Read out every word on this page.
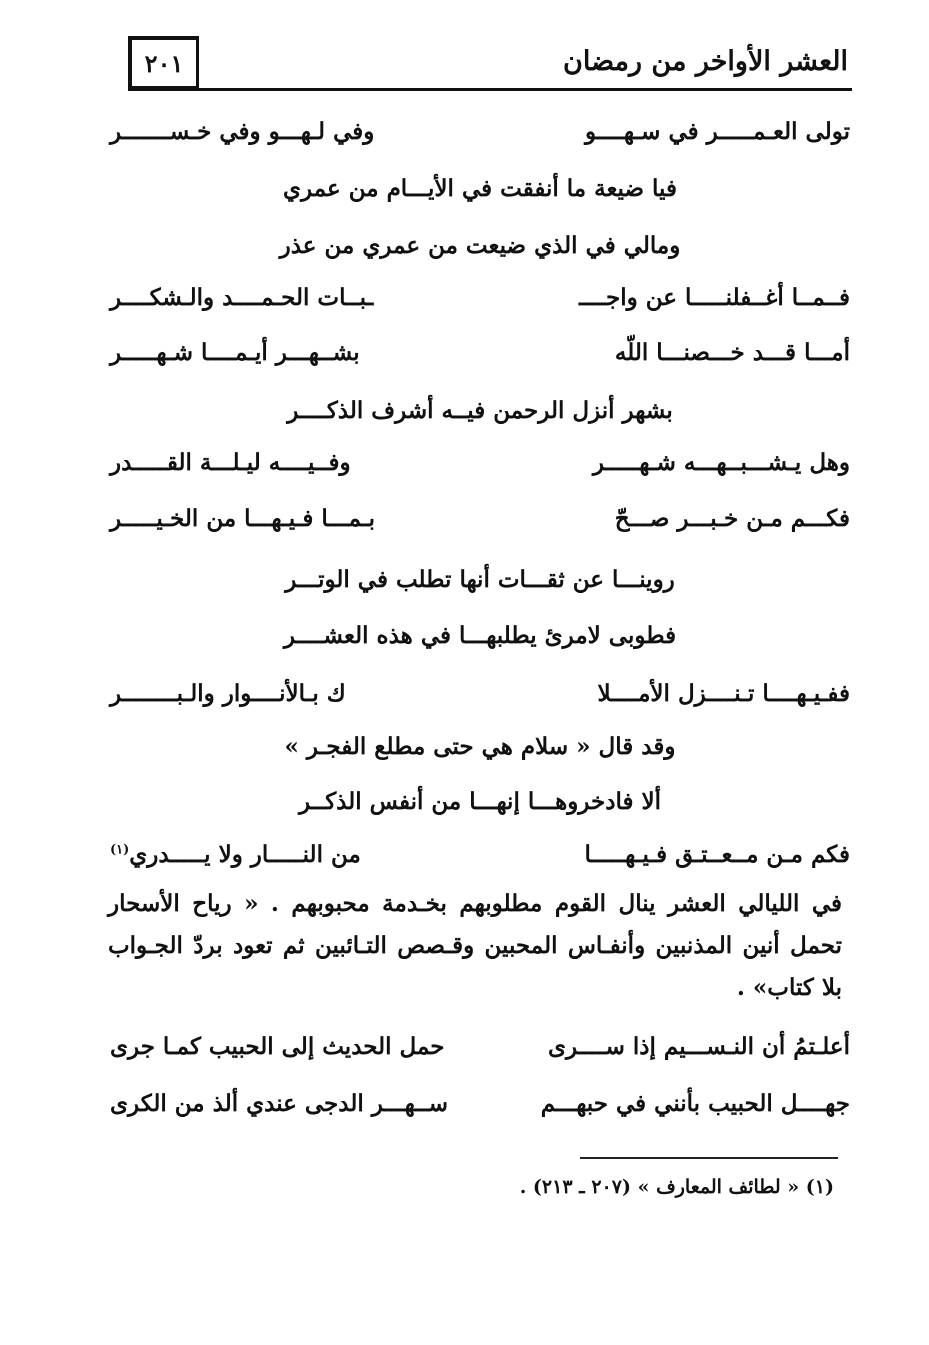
العشر الأواخر من رمضان
٢٠١
تولى العـمـــــر في سـهــــو
وفي لـهـــو وفي خـســـــــر
فيا ضيعة ما أنفقت في الأيـــام من عمري
ومالي في الذي ضيعت من عمري من عذر
فــمــا أغــفلنـــــا عن واجــــ
ـبــات الحـمــــد والـشكــــر
أمـــا قـــد خـــصنـــا اللّه
بشــهـــر أيـمــــا شـهـــــر
بشهر أنزل الرحمن فيــه أشرف الذكــــر
وهل يـشـــبــهـــه شـهـــــر
وفــيــــه ليـلـــة القـــــدر
فكـــم مـن خـبـــر صـــحّ
بـمـــا فـيـهـــا من الخـيـــــر
روينـــا عن ثقـــات أنها تطلب في الوتـــر
فطوبى لامرئ يطلبهـــا في هذه العشــــر
ففـيـهــــا تـنــــزل الأمــــلا
ك بـالأنــــوار والـبــــــــر
وقد قال « سلام هي حتى مطلع الفجـر »
ألا فادخروهـــا إنهـــا من أنفس الذكــر
فكم مـن مــعــتـق فـيـهـــــا
من النـــــار ولا يـــــدري$^{(١)}$
في الليالي العشر ينال القوم مطلوبهم بخـدمة محبوبهم . « رياح الأسحار تحمل أنين المذنبين وأنفـاس المحبين وقـصص التـائبين ثم تعود بردّ الجـواب بلا كتاب» .
أعلـتمُ أن النـســـيم إذا ســــرى
حمل الحديث إلى الحبيب كمـا جرى
جهــــل الحبيب بأنني في حبهـــم
ســهـــر الدجى عندي ألذ من الكرى
(١) « لطائف المعارف » (٢٠٧ ـ ٢١٣) .
